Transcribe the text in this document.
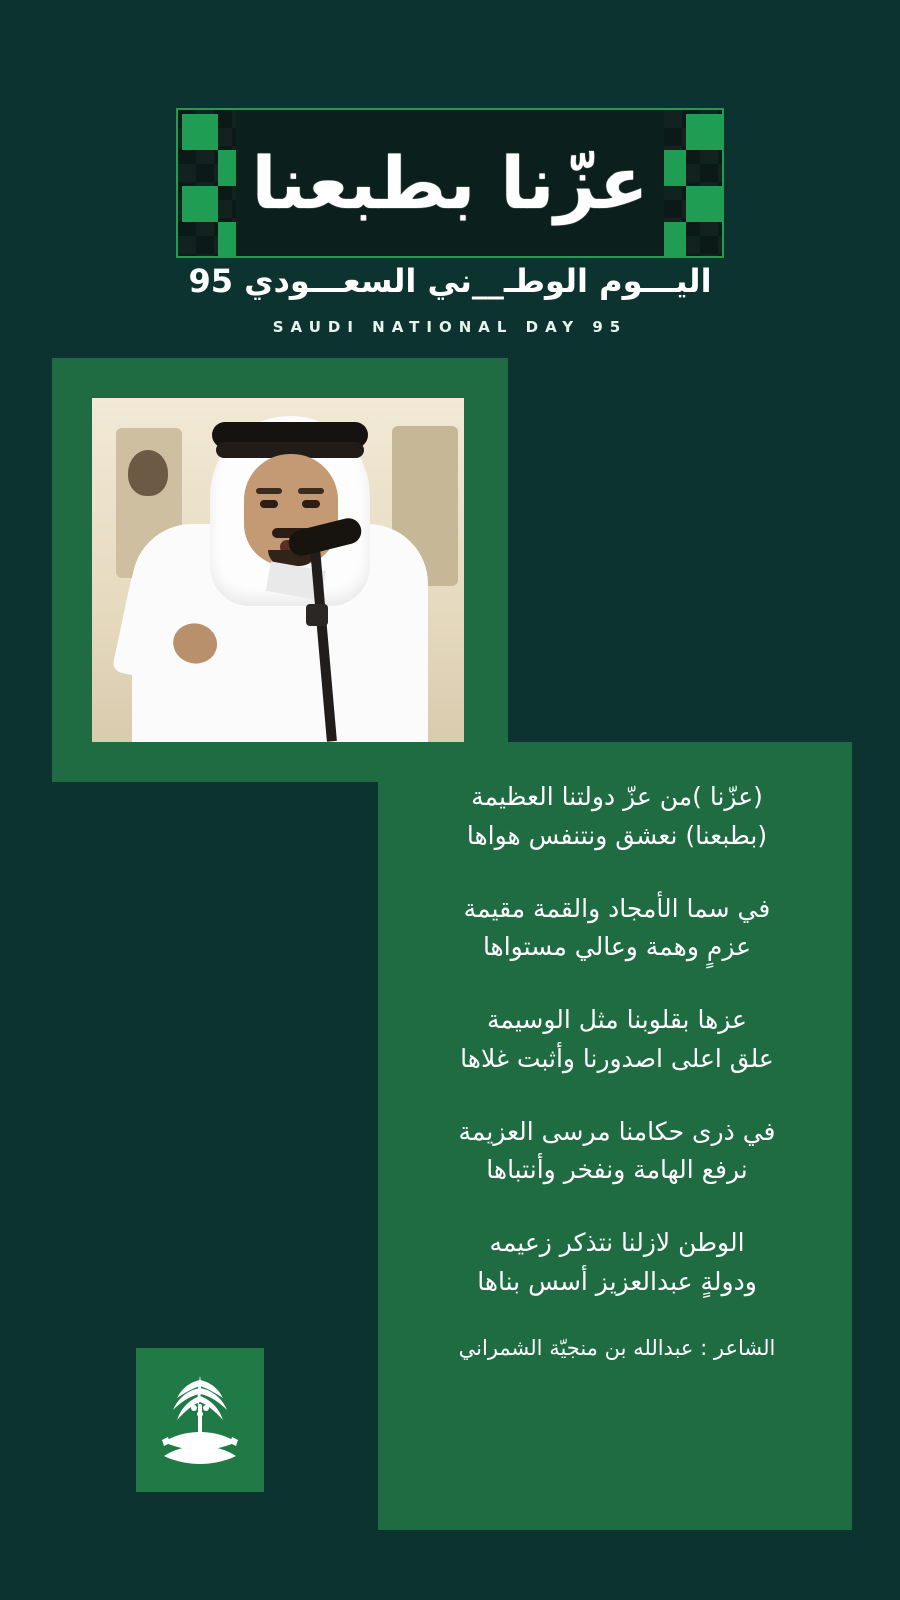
عزّنا بطبعنا
اليـــوم الوطـ__ني السعـــودي 95
SAUDI NATIONAL DAY 95
(عزّنا )من عزّ دولتنا العظيمة
(بطبعنا) نعشق ونتنفس هواها
في سما الأمجاد والقمة مقيمة
عزمٍ وهمة وعالي مستواها
عزها بقلوبنا مثل الوسيمة
علق اعلى اصدورنا وأثبت غلاها
في ذرى حكامنا مرسى العزيمة
نرفع الهامة ونفخر وأنتباها
الوطن لازلنا نتذكر زعيمه
ودولةٍ عبدالعزيز أسس بناها
الشاعر : عبدالله بن منجيّة الشمراني
